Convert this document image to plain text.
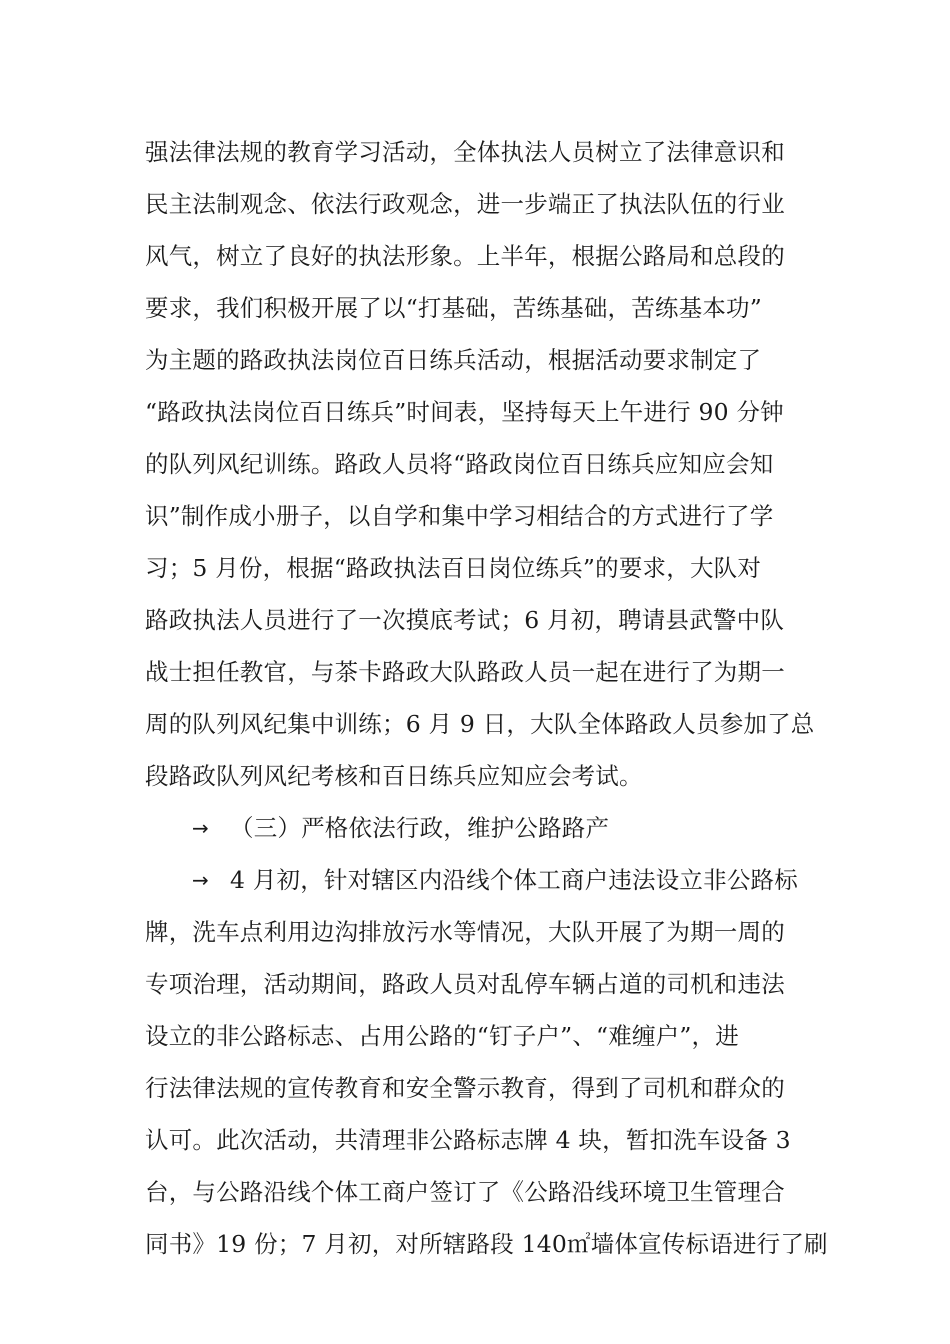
强法律法规的教育学习活动，全体执法人员树立了法律意识和
民主法制观念、依法行政观念，进一步端正了执法队伍的行业
风气，树立了良好的执法形象。上半年，根据公路局和总段的
要求，我们积极开展了以“打基础，苦练基础，苦练基本功”
为主题的路政执法岗位百日练兵活动，根据活动要求制定了
“路政执法岗位百日练兵”时间表，坚持每天上午进行 90 分钟
的队列风纪训练。路政人员将“路政岗位百日练兵应知应会知
识”制作成小册子，以自学和集中学习相结合的方式进行了学
习；5 月份，根据“路政执法百日岗位练兵”的要求，大队对
路政执法人员进行了一次摸底考试；6 月初，聘请县武警中队
战士担任教官，与茶卡路政大队路政人员一起在进行了为期一
周的队列风纪集中训练；6 月 9 日，大队全体路政人员参加了总
段路政队列风纪考核和百日练兵应知应会考试。
→ （三）严格依法行政，维护公路路产
→ 4 月初，针对辖区内沿线个体工商户违法设立非公路标
牌，洗车点利用边沟排放污水等情况，大队开展了为期一周的
专项治理，活动期间，路政人员对乱停车辆占道的司机和违法
设立的非公路标志、占用公路的“钉子户”、“难缠户”，进
行法律法规的宣传教育和安全警示教育，得到了司机和群众的
认可。此次活动，共清理非公路标志牌 4 块，暂扣洗车设备 3
台，与公路沿线个体工商户签订了《公路沿线环境卫生管理合
同书》19 份；7 月初，对所辖路段 140㎡墙体宣传标语进行了刷
